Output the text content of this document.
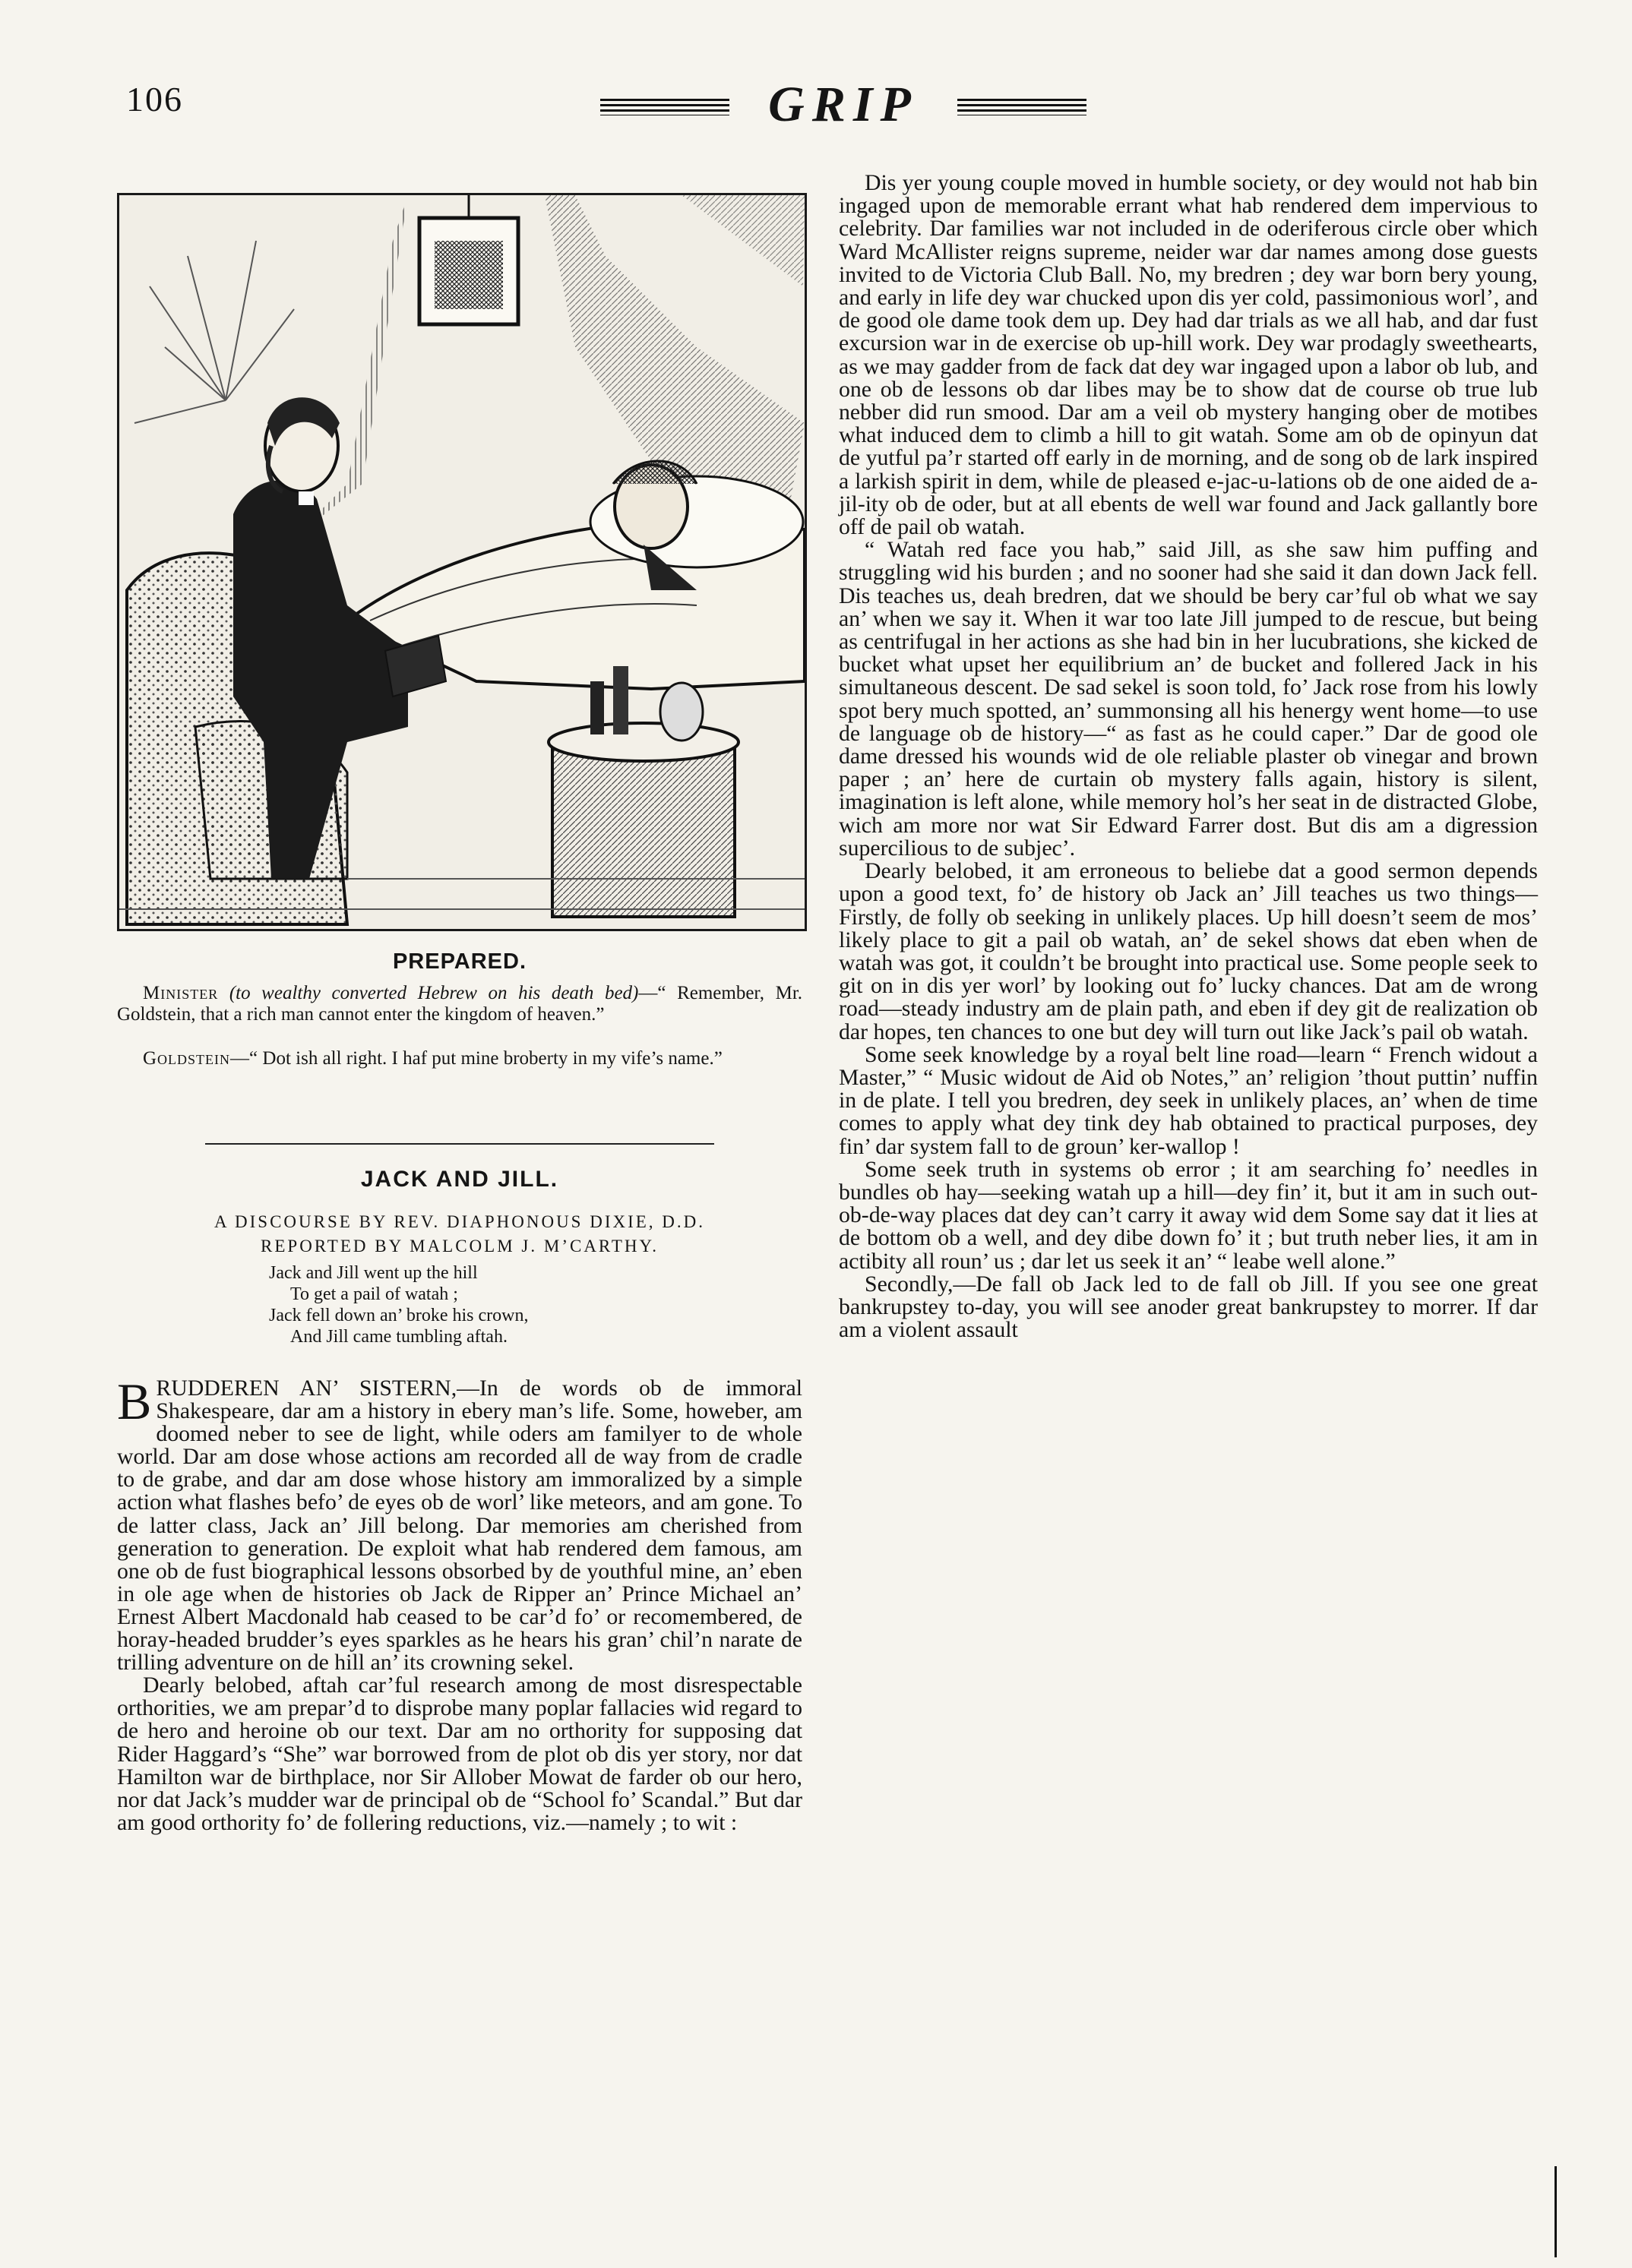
106	GRIP
PREPARED.
Minister (to wealthy converted Hebrew on his death bed)—“ Remember, Mr. Goldstein, that a rich man cannot enter the kingdom of heaven.”
Goldstein—“ Dot ish all right. I haf put mine broberty in my vife’s name.”
JACK AND JILL.
A DISCOURSE BY REV. DIAPHONOUS DIXIE, D.D.
REPORTED BY MALCOLM J. M’CARTHY.
Jack and Jill went up the hill
To get a pail of watah ;
Jack fell down an’ broke his crown,
And Jill came tumbling aftah.

BRUDDEREN AN’ SISTERN,—In de words ob de immoral Shakespeare, dar am a history in ebery man’s life. Some, howeber, am doomed neber to see de light, while oders am familyer to de whole world. Dar am dose whose actions am recorded all de way from de cradle to de grabe, and dar am dose whose history am immoralized by a simple action what flashes befo’ de eyes ob de worl’ like meteors, and am gone. To de latter class, Jack an’ Jill belong. Dar memories am cherished from generation to generation. De exploit what hab rendered dem famous, am one ob de fust biographical lessons obsorbed by de youthful mine, an’ eben in ole age when de histories ob Jack de Ripper an’ Prince Michael an’ Ernest Albert Macdonald hab ceased to be car’d fo’ or recomembered, de horay-headed brudder’s eyes sparkles as he hears his gran’ chil’n narate de trilling adventure on de hill an’ its crowning sekel.

Dearly belobed, aftah car’ful research among de most disrespectable orthorities, we am prepar’d to disprobe many poplar fallacies wid regard to de hero and heroine ob our text. Dar am no orthority for supposing dat Rider Haggard’s “She” war borrowed from de plot ob dis yer story, nor dat Hamilton war de birthplace, nor Sir Allober Mowat de farder ob our hero, nor dat Jack’s mudder war de principal ob de “School fo’ Scandal.” But dar am good orthority fo’ de follering reductions, viz.—namely ; to wit :

Dis yer young couple moved in humble society, or dey would not hab bin ingaged upon de memorable errant what hab rendered dem impervious to celebrity. Dar families war not included in de oderiferous circle ober which Ward McAllister reigns supreme, neider war dar names among dose guests invited to de Victoria Club Ball. No, my bredren ; dey war born bery young, and early in life dey war chucked upon dis yer cold, passimonious worl’, and de good ole dame took dem up. Dey had dar trials as we all hab, and dar fust excursion war in de exercise ob up-hill work. Dey war prodagly sweethearts, as we may gadder from de fack dat dey war ingaged upon a labor ob lub, and one ob de lessons ob dar libes may be to show dat de course ob true lub nebber did run smood. Dar am a veil ob mystery hanging ober de motibes what induced dem to climb a hill to git watah. Some am ob de opinyun dat de yutful pa’r started off early in de morning, and de song ob de lark inspired a larkish spirit in dem, while de pleased e-jac-u-lations ob de one aided de a-jil-ity ob de oder, but at all ebents de well war found and Jack gallantly bore off de pail ob watah.

“ Watah red face you hab,” said Jill, as she saw him puffing and struggling wid his burden ; and no sooner had she said it dan down Jack fell. Dis teaches us, deah bredren, dat we should be bery car’ful ob what we say an’ when we say it. When it war too late Jill jumped to de rescue, but being as centrifugal in her actions as she had bin in her lucubrations, she kicked de bucket what upset her equilibrium an’ de bucket and follered Jack in his simultaneous descent. De sad sekel is soon told, fo’ Jack rose from his lowly spot bery much spotted, an’ summonsing all his henergy went home—to use de language ob de history—“ as fast as he could caper.” Dar de good ole dame dressed his wounds wid de ole reliable plaster ob vinegar and brown paper ; an’ here de curtain ob mystery falls again, history is silent, imagination is left alone, while memory hol’s her seat in de distracted Globe, wich am more nor wat Sir Edward Farrer dost. But dis am a digression supercilious to de subjec’.

Dearly belobed, it am erroneous to beliebe dat a good sermon depends upon a good text, fo’ de history ob Jack an’ Jill teaches us two things—Firstly, de folly ob seeking in unlikely places. Up hill doesn’t seem de mos’ likely place to git a pail ob watah, an’ de sekel shows dat eben when de watah was got, it couldn’t be brought into practical use. Some people seek to git on in dis yer worl’ by looking out fo’ lucky chances. Dat am de wrong road—steady industry am de plain path, and eben if dey git de realization ob dar hopes, ten chances to one but dey will turn out like Jack’s pail ob watah.

Some seek knowledge by a royal belt line road—learn “ French widout a Master,” “ Music widout de Aid ob Notes,” an’ religion ’thout puttin’ nuffin in de plate. I tell you bredren, dey seek in unlikely places, an’ when de time comes to apply what dey tink dey hab obtained to practical purposes, dey fin’ dar system fall to de groun’ ker-wallop !

Some seek truth in systems ob error ; it am searching fo’ needles in bundles ob hay—seeking watah up a hill—dey fin’ it, but it am in such out-ob-de-way places dat dey can’t carry it away wid dem Some say dat it lies at de bottom ob a well, and dey dibe down fo’ it ; but truth neber lies, it am in actibity all roun’ us ; dar let us seek it an’ “ leabe well alone.”

Secondly,—De fall ob Jack led to de fall ob Jill. If you see one great bankrupstey to-day, you will see anoder great bankrupstey to morrer. If dar am a violent assault
